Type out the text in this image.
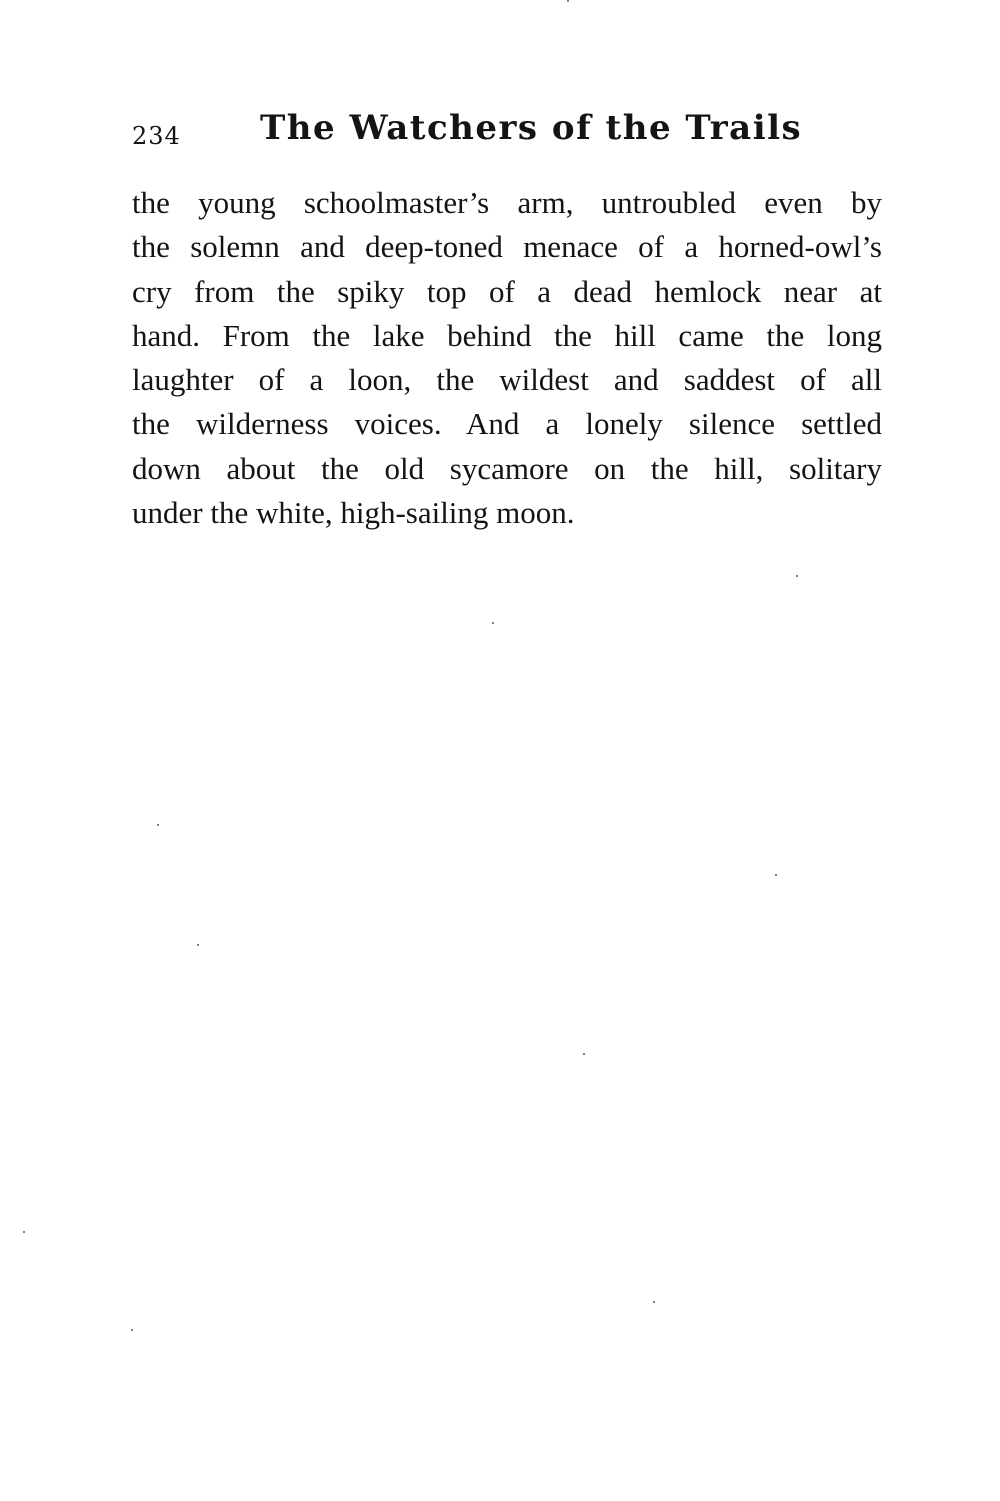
234 The Watchers of the Trails
the young schoolmaster’s arm, untroubled even by
the solemn and deep-toned menace of a horned-owl’s
cry from the spiky top of a dead hemlock near at
hand. From the lake behind the hill came the long
laughter of a loon, the wildest and saddest of all
the wilderness voices. And a lonely silence settled
down about the old sycamore on the hill, solitary
under the white, high-sailing moon.
